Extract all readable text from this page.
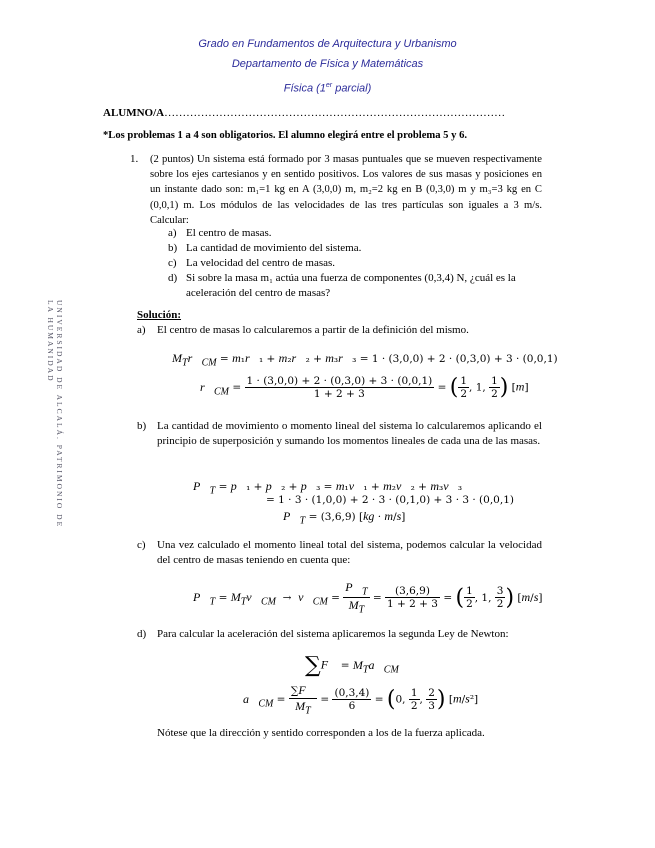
Grado en Fundamentos de Arquitectura y Urbanismo
Departamento de Física y Matemáticas
Física (1er parcial)
UNIVERSIDAD DE ALCALÁ. PATRIMONIO DE LA HUMANIDAD
ALUMNO/A…………………………………………………………………………………
*Los problemas 1 a 4 son obligatorios. El alumno elegirá entre el problema 5 y 6.
1. (2 puntos) Un sistema está formado por 3 masas puntuales que se mueven respectivamente sobre los ejes cartesianos y en sentido positivos. Los valores de sus masas y posiciones en un instante dado son: m₁=1 kg en A (3,0,0) m, m₂=2 kg en B (0,3,0) m y m₃=3 kg en C (0,0,1) m. Los módulos de las velocidades de las tres partículas son iguales a 3 m/s. Calcular:
a) El centro de masas.
b) La cantidad de movimiento del sistema.
c) La velocidad del centro de masas.
d) Si sobre la masa m₁ actúa una fuerza de componentes (0,3,4) N, ¿cuál es la aceleración del centro de masas?
Solución:
a) El centro de masas lo calcularemos a partir de la definición del mismo.
$M_Tr⃗_{CM}$ = m₁r⃗₁ + m₂r⃗₂ + m₃r⃗₃ = 1 · (3,0,0) + 2 · (0,3,0) + 3 · (0,0,1)
$r⃗_{CM} = \frac{1 \cdot (3,0,0) + 2 \cdot (0,3,0) + 3 \cdot (0,0,1)}{1 + 2 + 3}$ = ( $\frac{1}{2}$ , 1, $\frac{1}{2}$ ) [m]
b) La cantidad de movimiento o momento lineal del sistema lo calcularemos aplicando el principio de superposición y sumando los momentos lineales de cada una de las masas.
$P⃗_T$ = p⃗₁ + p⃗₂ + p⃗₃ = m₁v⃗₁ + m₂v⃗₂ + m₃v⃗₃
= 1 · 3 · (1,0,0) + 2 · 3 · (0,1,0) + 3 · 3 · (0,0,1)
$P⃗_T = (3,6,9) [kg \cdot m/s]$
c) Una vez calculado el momento lineal total del sistema, podemos calcular la velocidad del centro de masas teniendo en cuenta que:
$P⃗_T$ = $M_Tv⃗_{CM}$  →  $v⃗_{CM} = \frac{P⃗_T}{M_T} = \frac{(3,6,9)}{1 + 2 + 3}$ = ( $\frac{1}{2}$ , 1, $\frac{3}{2}$ ) [m/s]
d) Para calcular la aceleración del sistema aplicaremos la segunda Ley de Newton:
∑F⃗ = $M_Ta⃗_{CM}$
$a⃗_{CM} = \frac{\sum F⃗}{M_T} = \frac{(0,3,4)}{6} = (0$, $\frac{1}{2}$ , $\frac{2}{3}$ ) [m/s²]
Nótese que la dirección y sentido corresponden a los de la fuerza aplicada.
